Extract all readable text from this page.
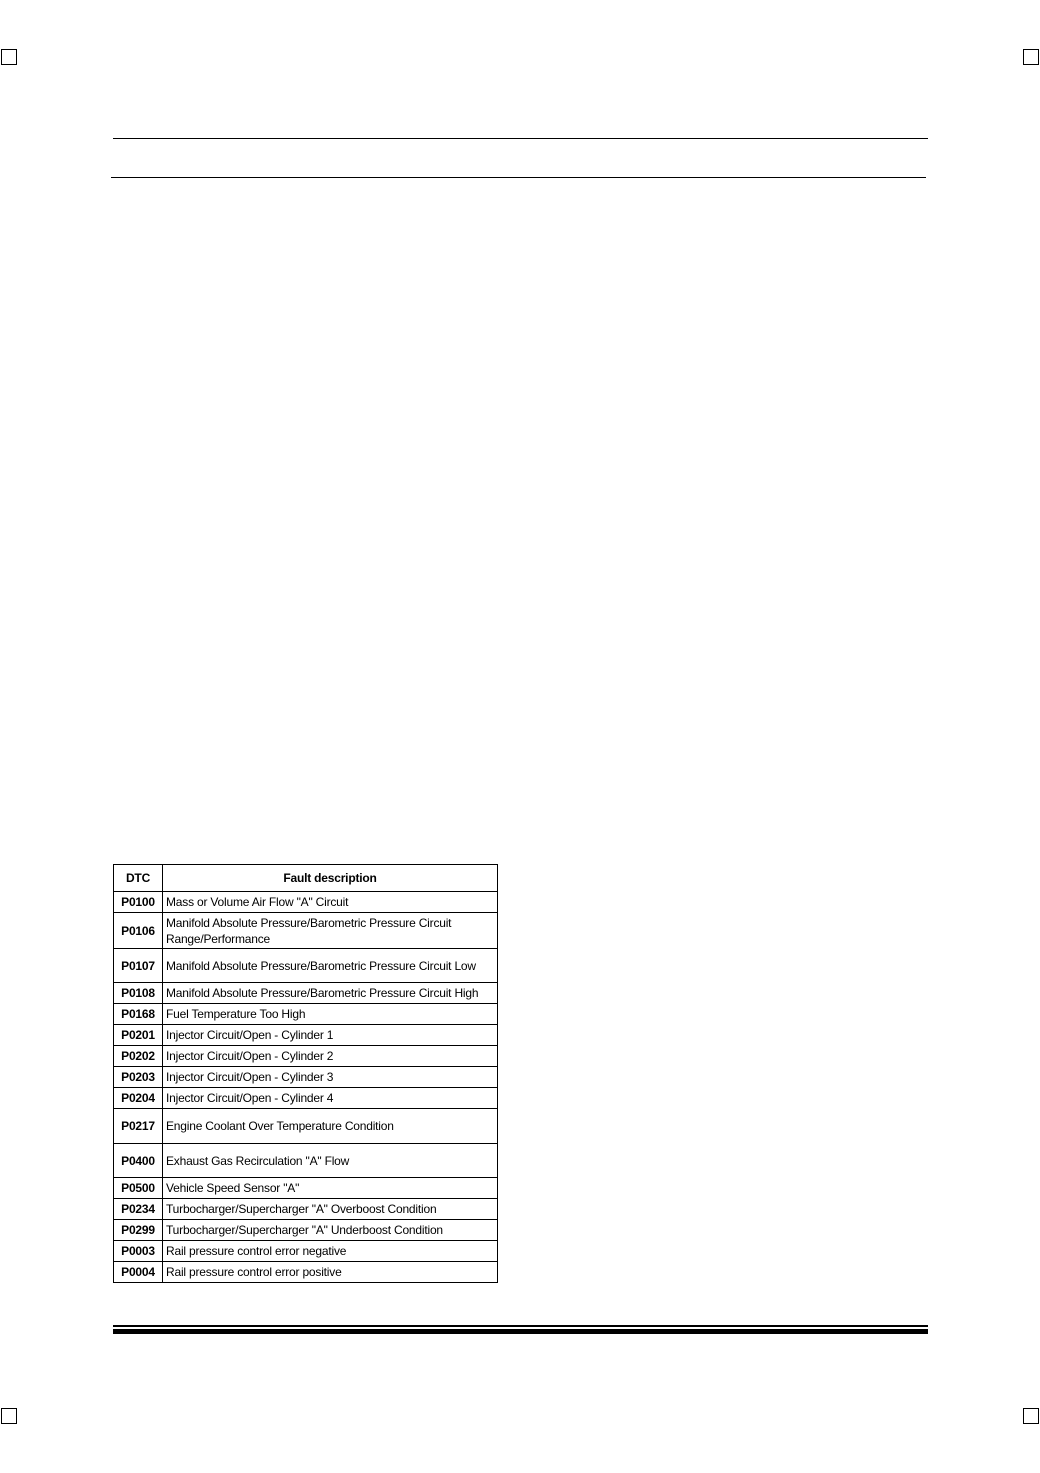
DTC	Fault description
P0100	Mass or Volume Air Flow "A" Circuit
P0106	Manifold Absolute Pressure/Barometric Pressure Circuit Range/Performance
P0107	Manifold Absolute Pressure/Barometric Pressure Circuit Low
P0108	Manifold Absolute Pressure/Barometric Pressure Circuit High
P0168	Fuel Temperature Too High
P0201	Injector Circuit/Open - Cylinder 1
P0202	Injector Circuit/Open - Cylinder 2
P0203	Injector Circuit/Open - Cylinder 3
P0204	Injector Circuit/Open - Cylinder 4
P0217	Engine Coolant Over Temperature Condition
P0400	Exhaust Gas Recirculation "A" Flow
P0500	Vehicle Speed Sensor "A"
P0234	Turbocharger/Supercharger "A" Overboost Condition
P0299	Turbocharger/Supercharger "A" Underboost Condition
P0003	Rail pressure control error negative
P0004	Rail pressure control error positive
